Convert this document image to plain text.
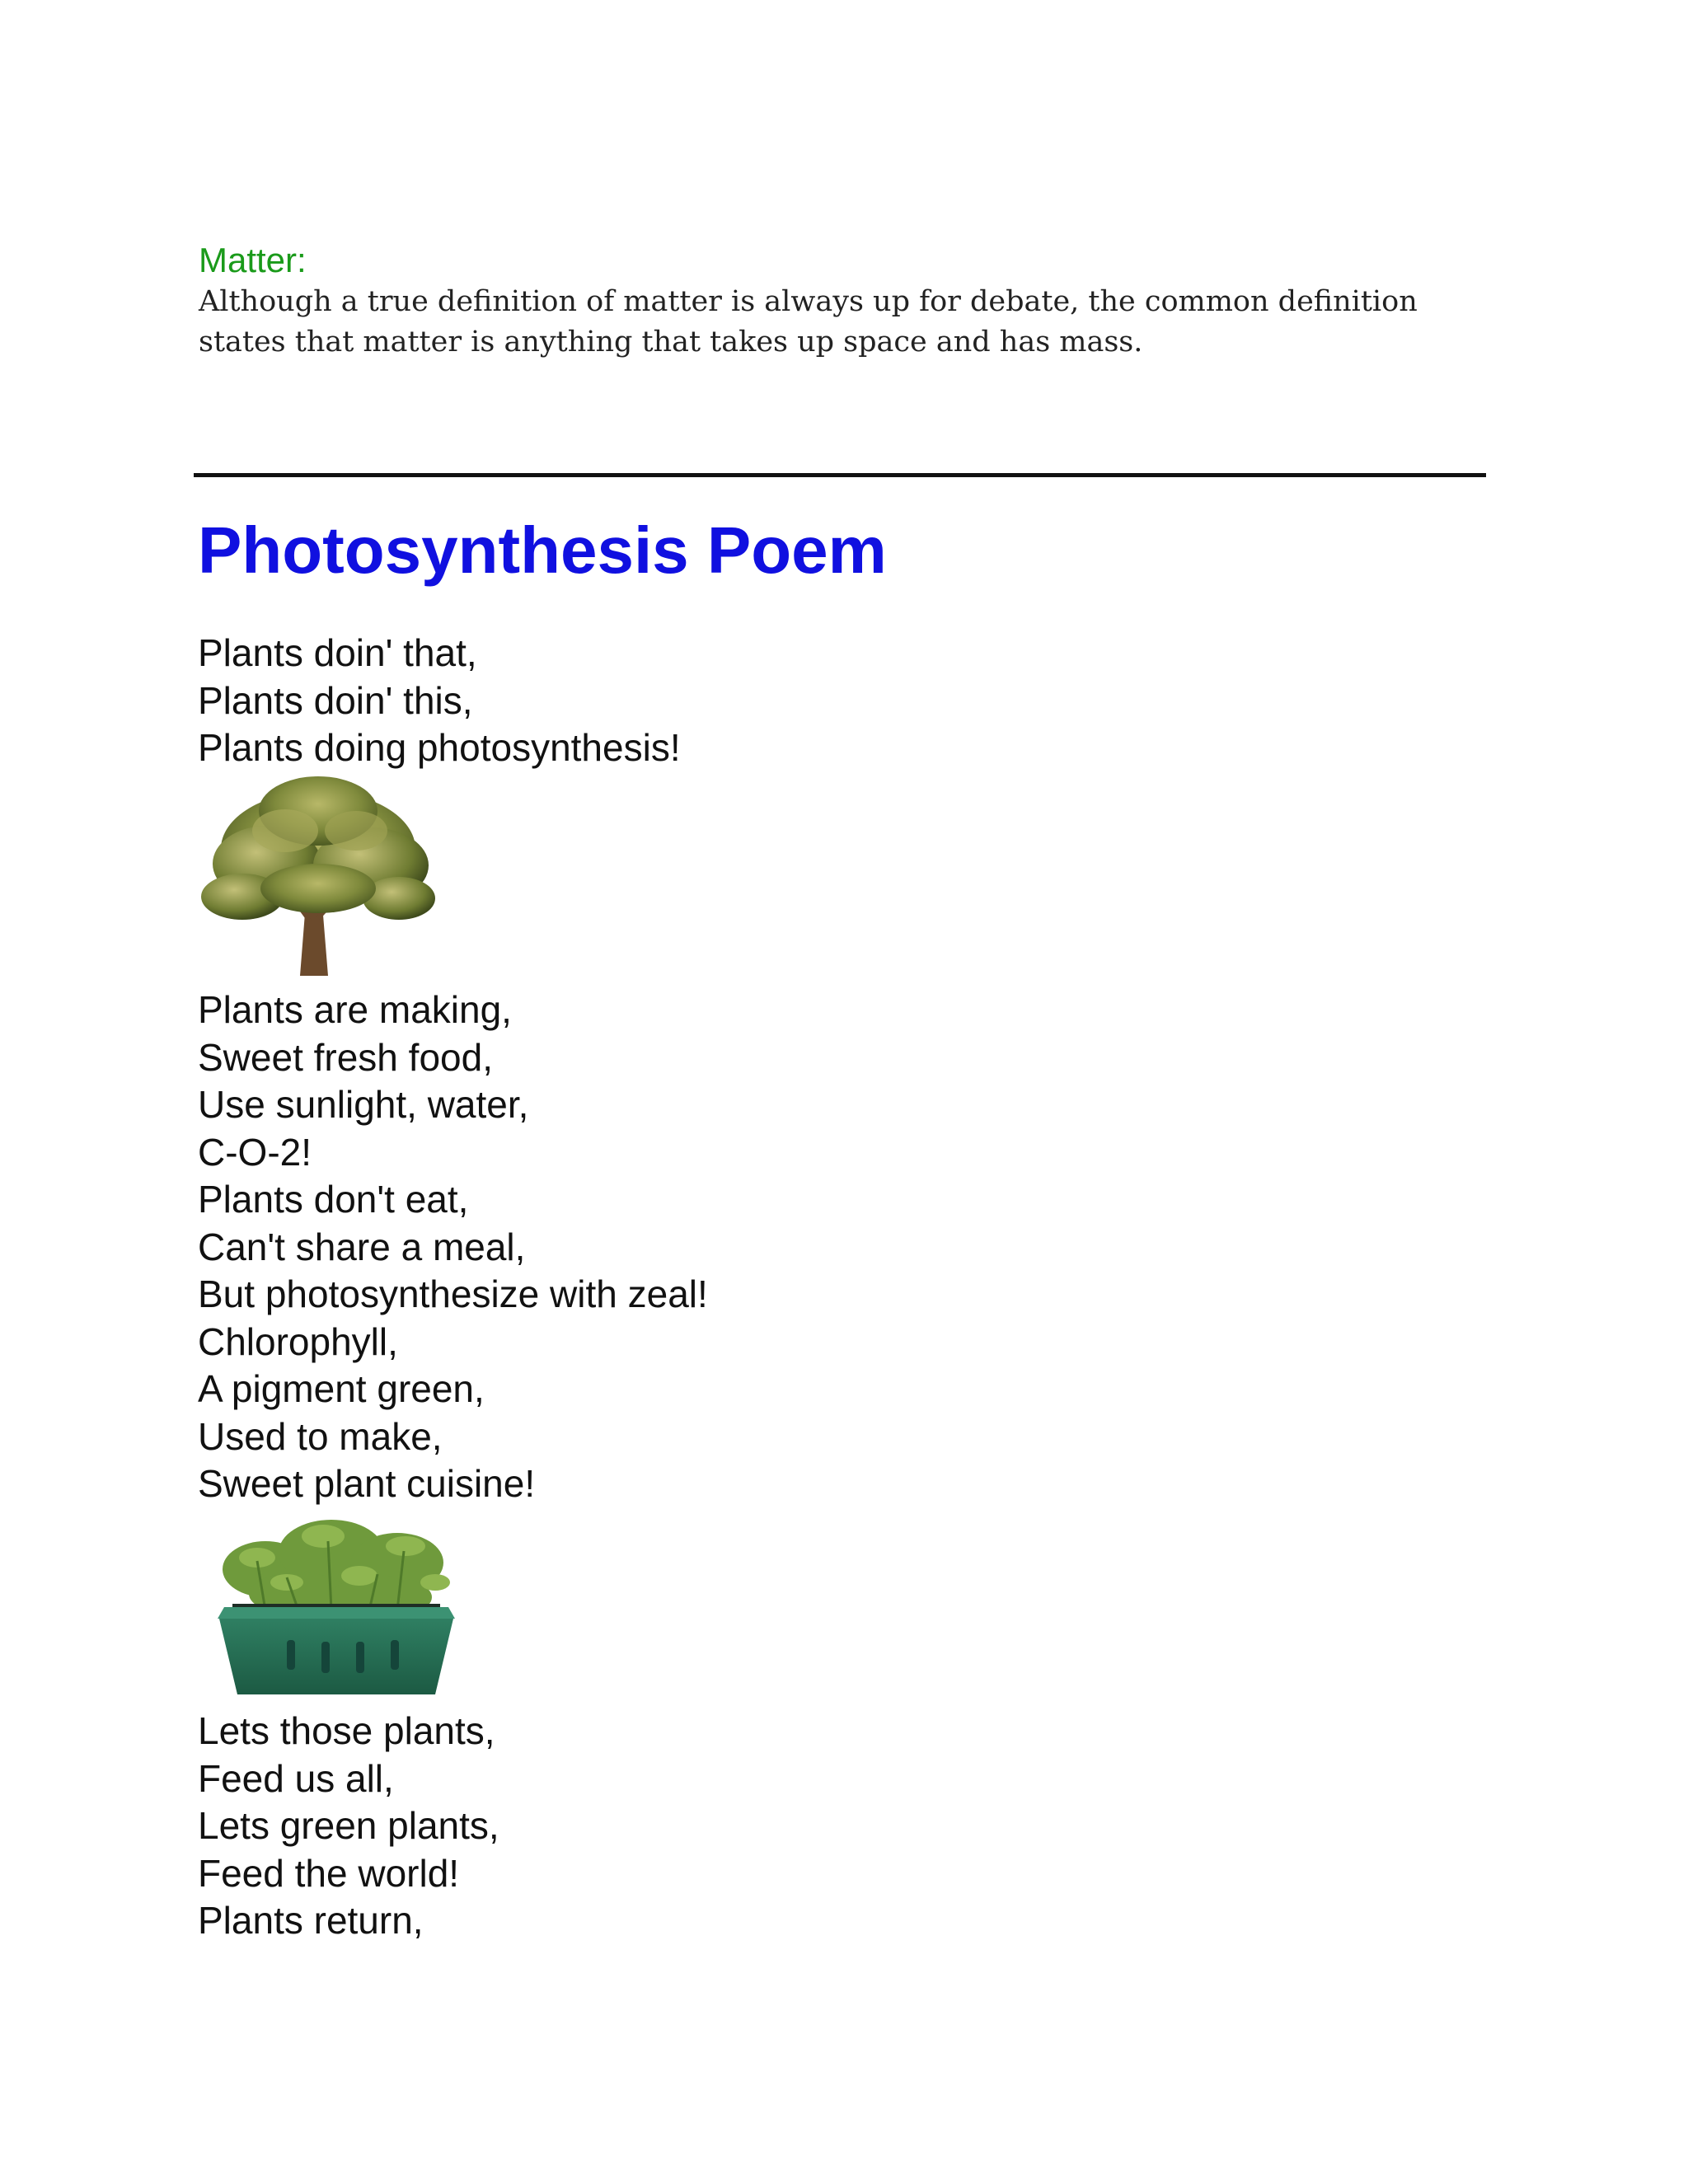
Matter:

Although a true definition of matter is always up for debate, the common definition states that matter is anything that takes up space and has mass.

Photosynthesis Poem
Plants doin' that,
Plants doin' this,
Plants doing photosynthesis!
Plants are making,
Sweet fresh food,
Use sunlight, water,
C-O-2!
Plants don't eat,
Can't share a meal,
But photosynthesize with zeal!
Chlorophyll,
A pigment green,
Used to make,
Sweet plant cuisine!
Lets those plants,
Feed us all,
Lets green plants,
Feed the world!
Plants return,
